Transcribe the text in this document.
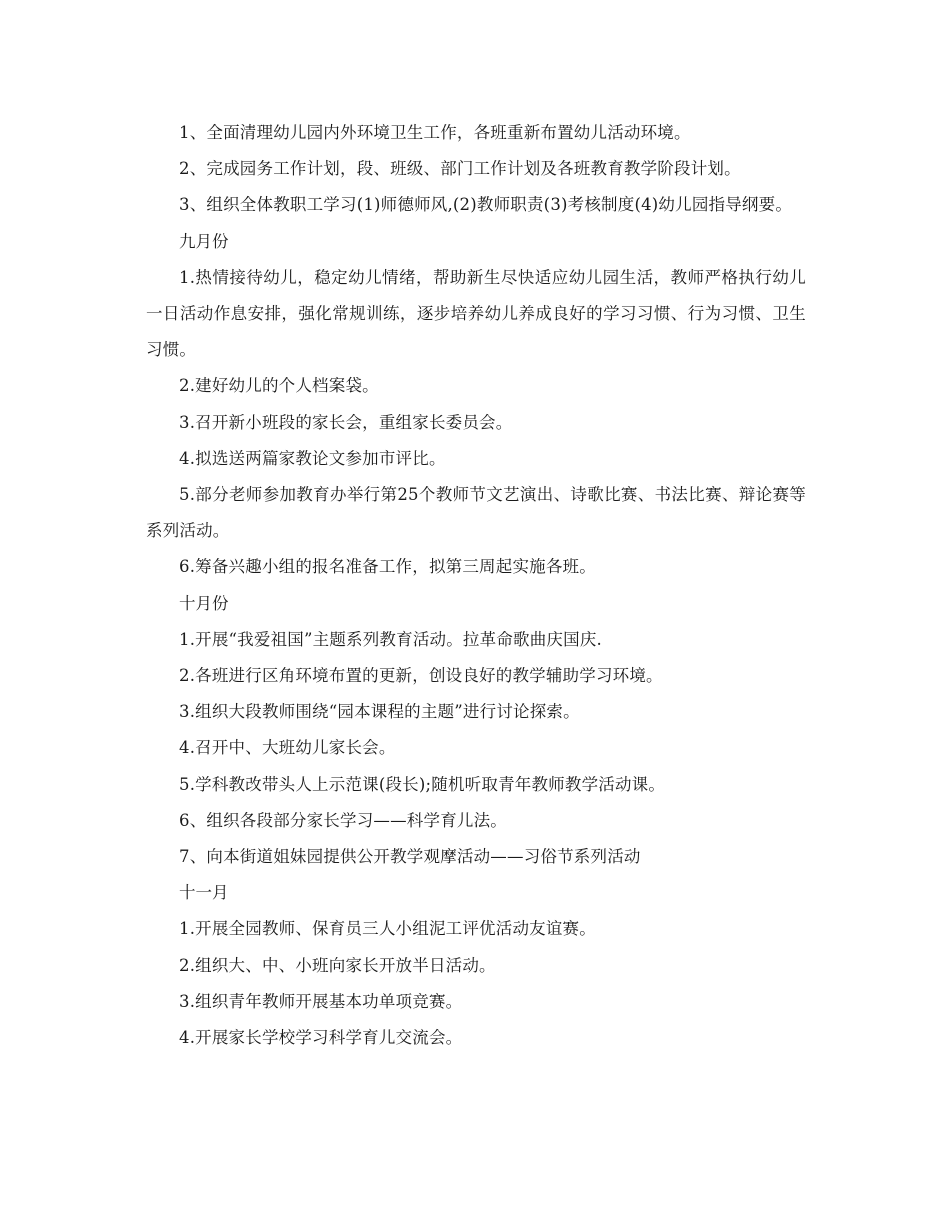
1、全面清理幼儿园内外环境卫生工作，各班重新布置幼儿活动环境。

2、完成园务工作计划，段、班级、部门工作计划及各班教育教学阶段计划。

3、组织全体教职工学习(1)师德师风,(2)教师职责(3)考核制度(4)幼儿园指导纲要。

九月份

1.热情接待幼儿，稳定幼儿情绪，帮助新生尽快适应幼儿园生活，教师严格执行幼儿一日活动作息安排，强化常规训练，逐步培养幼儿养成良好的学习习惯、行为习惯、卫生习惯。

2.建好幼儿的个人档案袋。

3.召开新小班段的家长会，重组家长委员会。

4.拟选送两篇家教论文参加市评比。

5.部分老师参加教育办举行第25个教师节文艺演出、诗歌比赛、书法比赛、辩论赛等系列活动。

6.筹备兴趣小组的报名准备工作，拟第三周起实施各班。

十月份

1.开展“我爱祖国”主题系列教育活动。拉革命歌曲庆国庆.

2.各班进行区角环境布置的更新，创设良好的教学辅助学习环境。

3.组织大段教师围绕“园本课程的主题”进行讨论探索。

4.召开中、大班幼儿家长会。

5.学科教改带头人上示范课(段长);随机听取青年教师教学活动课。

6、组织各段部分家长学习——科学育儿法。

7、向本街道姐妹园提供公开教学观摩活动——习俗节系列活动

十一月

1.开展全园教师、保育员三人小组泥工评优活动友谊赛。

2.组织大、中、小班向家长开放半日活动。

3.组织青年教师开展基本功单项竞赛。

4.开展家长学校学习科学育儿交流会。
